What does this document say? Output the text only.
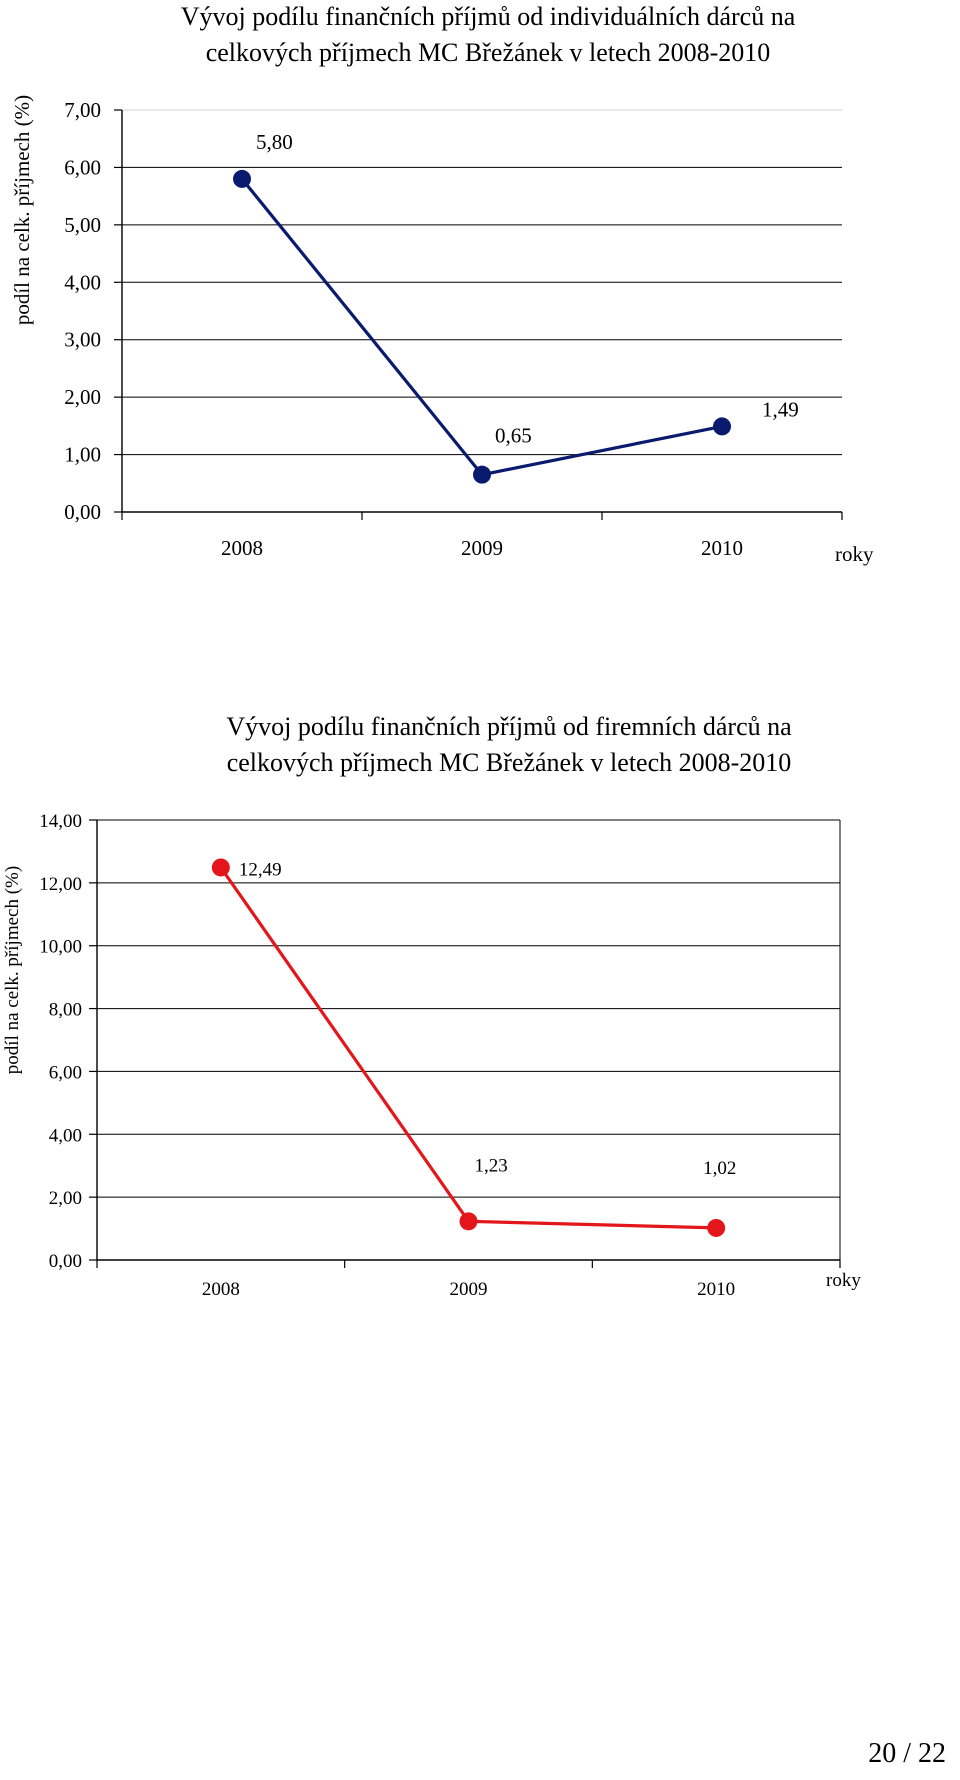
Vývoj podílu finančních příjmů od individuálních dárců na
celkových příjmech MC Břežánek v letech 2008-2010
0,00
1,00
2,00
3,00
4,00
5,00
6,00
7,00
2008	2009	2010	roky
podíl na celk. příjmech (%)	5,80
0,65
1,49
Vývoj podílu finančních příjmů od firemních dárců na
celkových příjmech MC Břežánek v letech 2008-2010
0,00
2,00
4,00
6,00
8,00
10,00
12,00
14,00
2008	2009	2010	roky
podíl na celk. příjmech (%)	12,49
1,23	1,02
20 / 22
